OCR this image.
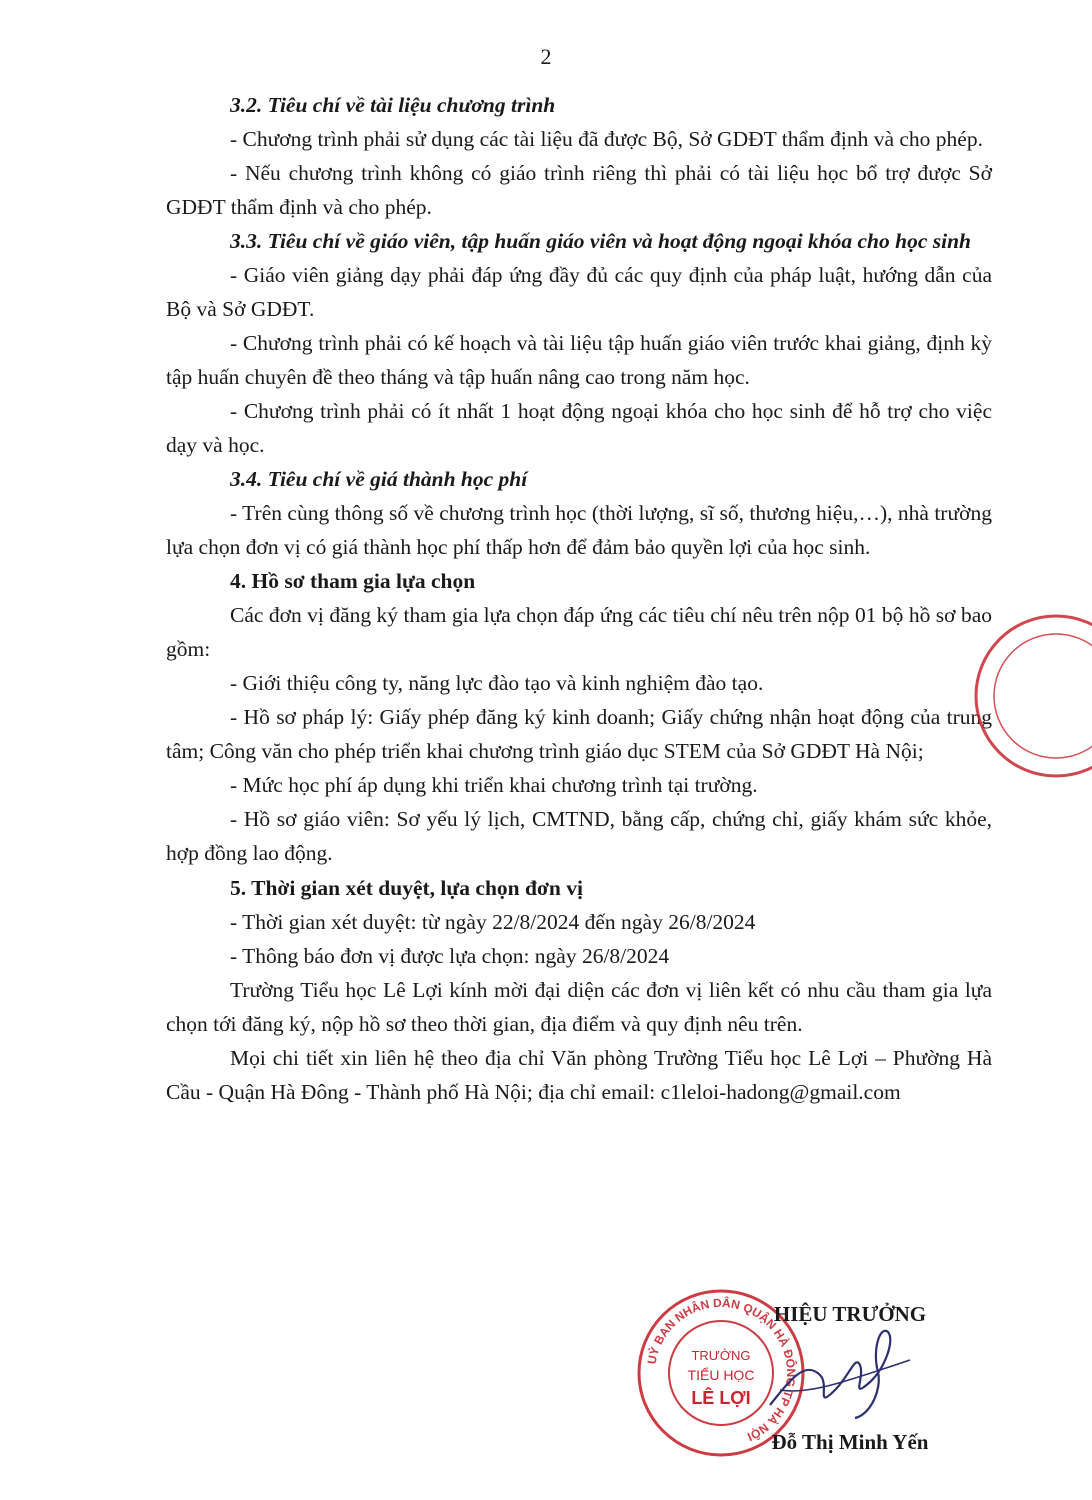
2

3.2. Tiêu chí về tài liệu chương trình

- Chương trình phải sử dụng các tài liệu đã được Bộ, Sở GDĐT thẩm định và cho phép.

- Nếu chương trình không có giáo trình riêng thì phải có tài liệu học bổ trợ được Sở GDĐT thẩm định và cho phép.

3.3. Tiêu chí về giáo viên, tập huấn giáo viên và hoạt động ngoại khóa cho học sinh

- Giáo viên giảng dạy phải đáp ứng đầy đủ các quy định của pháp luật, hướng dẫn của Bộ và Sở GDĐT.

- Chương trình phải có kế hoạch và tài liệu tập huấn giáo viên trước khai giảng, định kỳ tập huấn chuyên đề theo tháng và tập huấn nâng cao trong năm học.

- Chương trình phải có ít nhất 1 hoạt động ngoại khóa cho học sinh để hỗ trợ cho việc dạy và học.

3.4. Tiêu chí về giá thành học phí

- Trên cùng thông số về chương trình học (thời lượng, sĩ số, thương hiệu,…), nhà trường lựa chọn đơn vị có giá thành học phí thấp hơn để đảm bảo quyền lợi của học sinh.

4. Hồ sơ tham gia lựa chọn

Các đơn vị đăng ký tham gia lựa chọn đáp ứng các tiêu chí nêu trên nộp 01 bộ hồ sơ bao gồm:

- Giới thiệu công ty, năng lực đào tạo và kinh nghiệm đào tạo.

- Hồ sơ pháp lý: Giấy phép đăng ký kinh doanh; Giấy chứng nhận hoạt động của trung tâm; Công văn cho phép triển khai chương trình giáo dục STEM của Sở GDĐT Hà Nội;

- Mức học phí áp dụng khi triển khai chương trình tại trường.

- Hồ sơ giáo viên: Sơ yếu lý lịch, CMTND, bằng cấp, chứng chỉ, giấy khám sức khỏe, hợp đồng lao động.

5. Thời gian xét duyệt, lựa chọn đơn vị

- Thời gian xét duyệt: từ ngày 22/8/2024 đến ngày 26/8/2024

- Thông báo đơn vị được lựa chọn: ngày 26/8/2024

Trường Tiểu học Lê Lợi kính mời đại diện các đơn vị liên kết có nhu cầu tham gia lựa chọn tới đăng ký, nộp hồ sơ theo thời gian, địa điểm và quy định nêu trên.

Mọi chi tiết xin liên hệ theo địa chỉ Văn phòng Trường Tiểu học Lê Lợi – Phường Hà Cầu - Quận Hà Đông - Thành phố Hà Nội; địa chỉ email: c1leloi-hadong@gmail.com

UỶ BAN NHÂN DÂN QUẬN HÀ ĐÔNG TP HÀ NỘI
TRƯỜNG
TIỂU HỌC
LÊ LỢI
HIỆU TRƯỞNG
Đỗ Thị Minh Yến
